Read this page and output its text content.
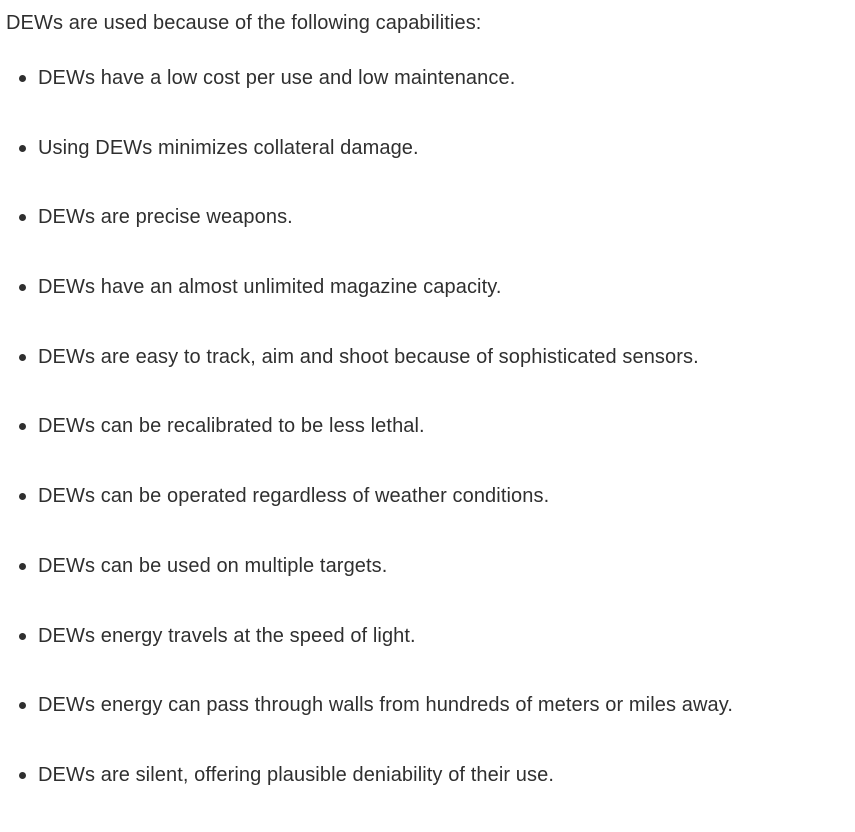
DEWs are used because of the following capabilities:

DEWs have a low cost per use and low maintenance.
Using DEWs minimizes collateral damage.
DEWs are precise weapons.
DEWs have an almost unlimited magazine capacity.
DEWs are easy to track, aim and shoot because of sophisticated sensors.
DEWs can be recalibrated to be less lethal.
DEWs can be operated regardless of weather conditions.
DEWs can be used on multiple targets.
DEWs energy travels at the speed of light.
DEWs energy can pass through walls from hundreds of meters or miles away.
DEWs are silent, offering plausible deniability of their use.
